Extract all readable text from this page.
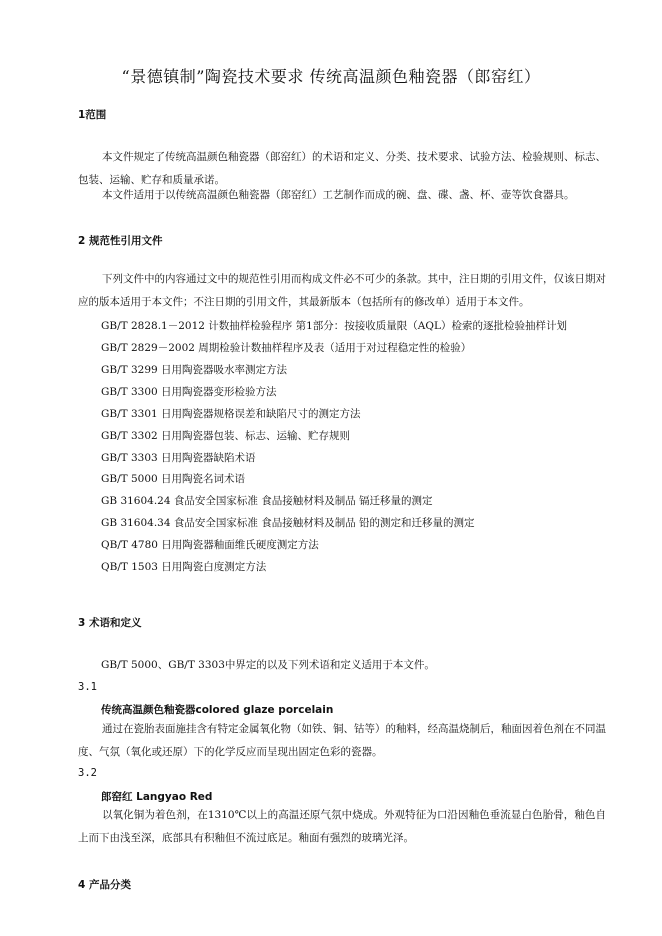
“景德镇制”陶瓷技术要求 传统高温颜色釉瓷器（郎窑红）
1范围
本文件规定了传统高温颜色釉瓷器（郎窑红）的术语和定义、分类、技术要求、试验方法、检验规则、标志、包装、运输、贮存和质量承诺。
本文件适用于以传统高温颜色釉瓷器（郎窑红）工艺制作而成的碗、盘、碟、盏、杯、壶等饮食器具。
2 规范性引用文件
下列文件中的内容通过文中的规范性引用而构成文件必不可少的条款。其中，注日期的引用文件，仅该日期对应的版本适用于本文件；不注日期的引用文件，其最新版本（包括所有的修改单）适用于本文件。
GB/T 2828.1－2012 计数抽样检验程序 第1部分：按接收质量限（AQL）检索的逐批检验抽样计划
GB/T 2829－2002 周期检验计数抽样程序及表（适用于对过程稳定性的检验）
GB/T 3299 日用陶瓷器吸水率测定方法
GB/T 3300 日用陶瓷器变形检验方法
GB/T 3301 日用陶瓷器规格误差和缺陷尺寸的测定方法
GB/T 3302 日用陶瓷器包装、标志、运输、贮存规则
GB/T 3303 日用陶瓷器缺陷术语
GB/T 5000 日用陶瓷名词术语
GB 31604.24 食品安全国家标准 食品接触材料及制品 镉迁移量的测定
GB 31604.34 食品安全国家标准 食品接触材料及制品 铅的测定和迁移量的测定
QB/T 4780 日用陶瓷器釉面维氏硬度测定方法
QB/T 1503 日用陶瓷白度测定方法
3 术语和定义
GB/T 5000、GB/T 3303中界定的以及下列术语和定义适用于本文件。
3.1
传统高温颜色釉瓷器colored glaze porcelain
通过在瓷胎表面施挂含有特定金属氧化物（如铁、铜、钴等）的釉料，经高温烧制后，釉面因着色剂在不同温度、气氛（氧化或还原）下的化学反应而呈现出固定色彩的瓷器。
3.2
郎窑红 Langyao Red
以氧化铜为着色剂，在1310℃以上的高温还原气氛中烧成。外观特征为口沿因釉色垂流显白色胎骨，釉色自上而下由浅至深，底部具有积釉但不流过底足。釉面有强烈的玻璃光泽。
4 产品分类
